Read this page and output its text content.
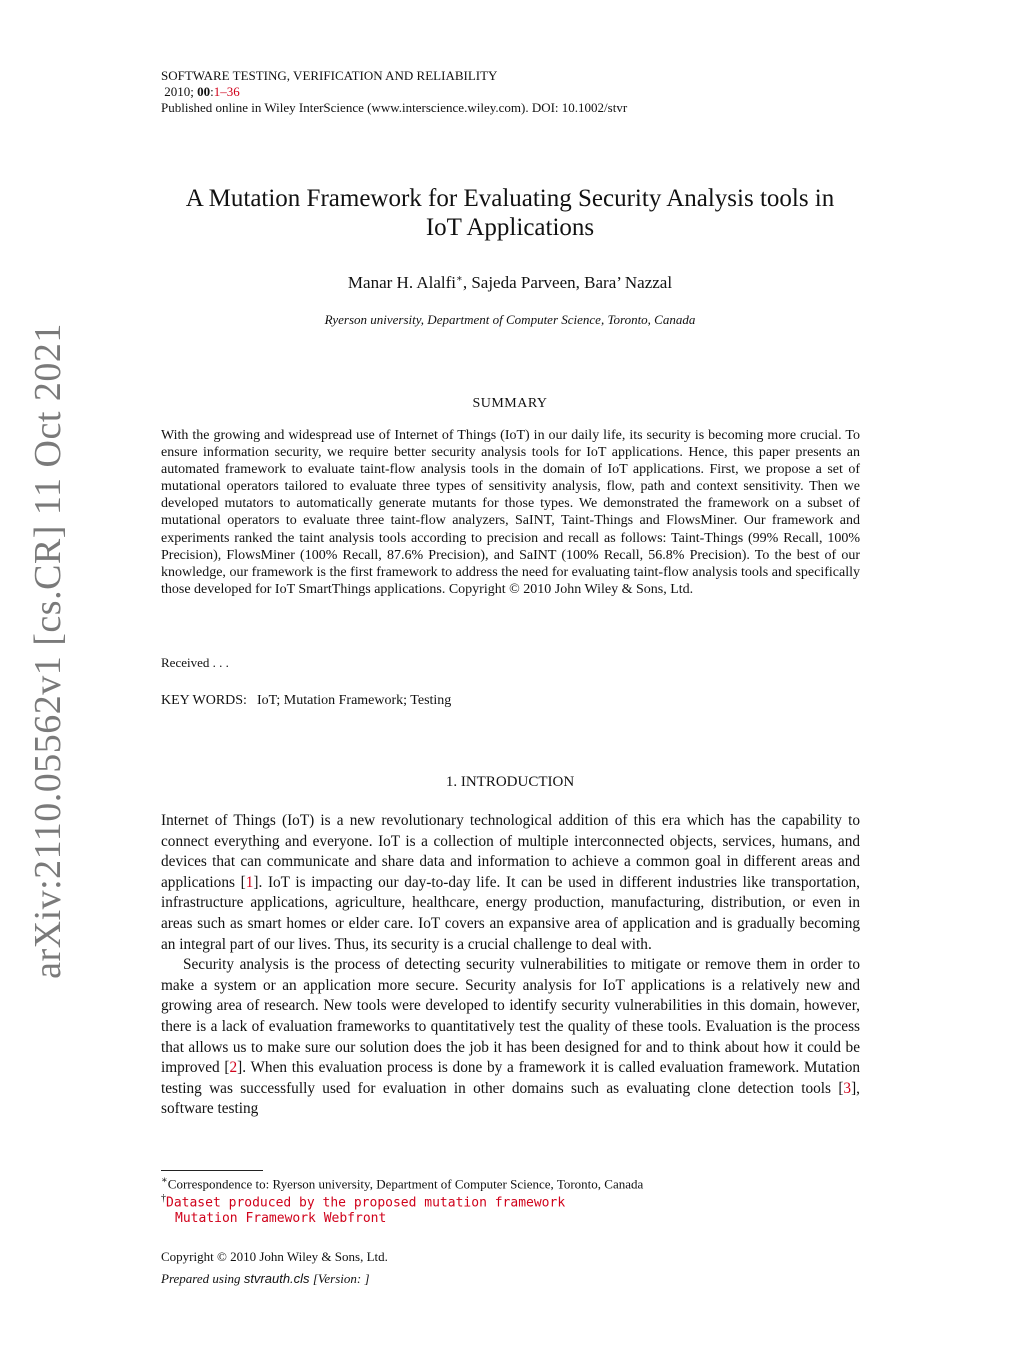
arXiv:2110.05562v1 [cs.CR] 11 Oct 2021
SOFTWARE TESTING, VERIFICATION AND RELIABILITY
2010; 00:1–36
Published online in Wiley InterScience (www.interscience.wiley.com). DOI: 10.1002/stvr
A Mutation Framework for Evaluating Security Analysis tools in
IoT Applications
Manar H. Alalfi∗, Sajeda Parveen, Bara’ Nazzal
Ryerson university, Department of Computer Science, Toronto, Canada
SUMMARY
With the growing and widespread use of Internet of Things (IoT) in our daily life, its security is becoming more crucial. To ensure information security, we require better security analysis tools for IoT applications. Hence, this paper presents an automated framework to evaluate taint-flow analysis tools in the domain of IoT applications. First, we propose a set of mutational operators tailored to evaluate three types of sensitivity analysis, flow, path and context sensitivity. Then we developed mutators to automatically generate mutants for those types. We demonstrated the framework on a subset of mutational operators to evaluate three taint-flow analyzers, SaINT, Taint-Things and FlowsMiner. Our framework and experiments ranked the taint analysis tools according to precision and recall as follows: Taint-Things (99% Recall, 100% Precision), FlowsMiner (100% Recall, 87.6% Precision), and SaINT (100% Recall, 56.8% Precision). To the best of our knowledge, our framework is the first framework to address the need for evaluating taint-flow analysis tools and specifically those developed for IoT SmartThings applications. Copyright © 2010 John Wiley & Sons, Ltd.
Received . . .
KEY WORDS: IoT; Mutation Framework; Testing
1. INTRODUCTION

Internet of Things (IoT) is a new revolutionary technological addition of this era which has the capability to connect everything and everyone. IoT is a collection of multiple interconnected objects, services, humans, and devices that can communicate and share data and information to achieve a common goal in different areas and applications [1]. IoT is impacting our day-to-day life. It can be used in different industries like transportation, infrastructure applications, agriculture, healthcare, energy production, manufacturing, distribution, or even in areas such as smart homes or elder care. IoT covers an expansive area of application and is gradually becoming an integral part of our lives. Thus, its security is a crucial challenge to deal with.

Security analysis is the process of detecting security vulnerabilities to mitigate or remove them in order to make a system or an application more secure. Security analysis for IoT applications is a relatively new and growing area of research. New tools were developed to identify security vulnerabilities in this domain, however, there is a lack of evaluation frameworks to quantitatively test the quality of these tools. Evaluation is the process that allows us to make sure our solution does the job it has been designed for and to think about how it could be improved [2]. When this evaluation process is done by a framework it is called evaluation framework. Mutation testing was successfully used for evaluation in other domains such as evaluating clone detection tools [3], software testing

∗Correspondence to: Ryerson university, Department of Computer Science, Toronto, Canada
†Dataset produced by the proposed mutation framework
Mutation Framework Webfront
Copyright © 2010 John Wiley & Sons, Ltd.
Prepared using stvrauth.cls [Version: ]
